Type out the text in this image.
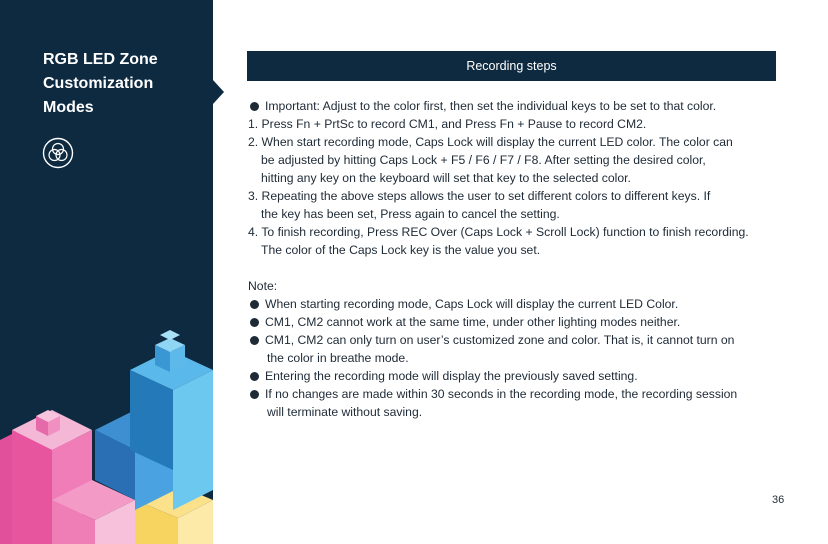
RGB LED Zone
Customization
Modes
Recording steps
Important: Adjust to the color first, then set the individual keys to be set to that color.
1. Press Fn + PrtSc to record CM1, and Press Fn + Pause to record CM2.
2. When start recording mode, Caps Lock will display the current LED color. The color can
be adjusted by hitting Caps Lock + F5 / F6 / F7 / F8. After setting the desired color,
hitting any key on the keyboard will set that key to the selected color.
3. Repeating the above steps allows the user to set different colors to different keys. If
the key has been set, Press again to cancel the setting.
4. To finish recording, Press REC Over (Caps Lock + Scroll Lock) function to finish recording.
The color of the Caps Lock key is the value you set.
Note:
When starting recording mode, Caps Lock will display the current LED Color.
CM1, CM2 cannot work at the same time, under other lighting modes neither.
CM1, CM2 can only turn on user’s customized zone and color. That is, it cannot turn on
the color in breathe mode.
Entering the recording mode will display the previously saved setting.
If no changes are made within 30 seconds in the recording mode, the recording session
will terminate without saving.
36
